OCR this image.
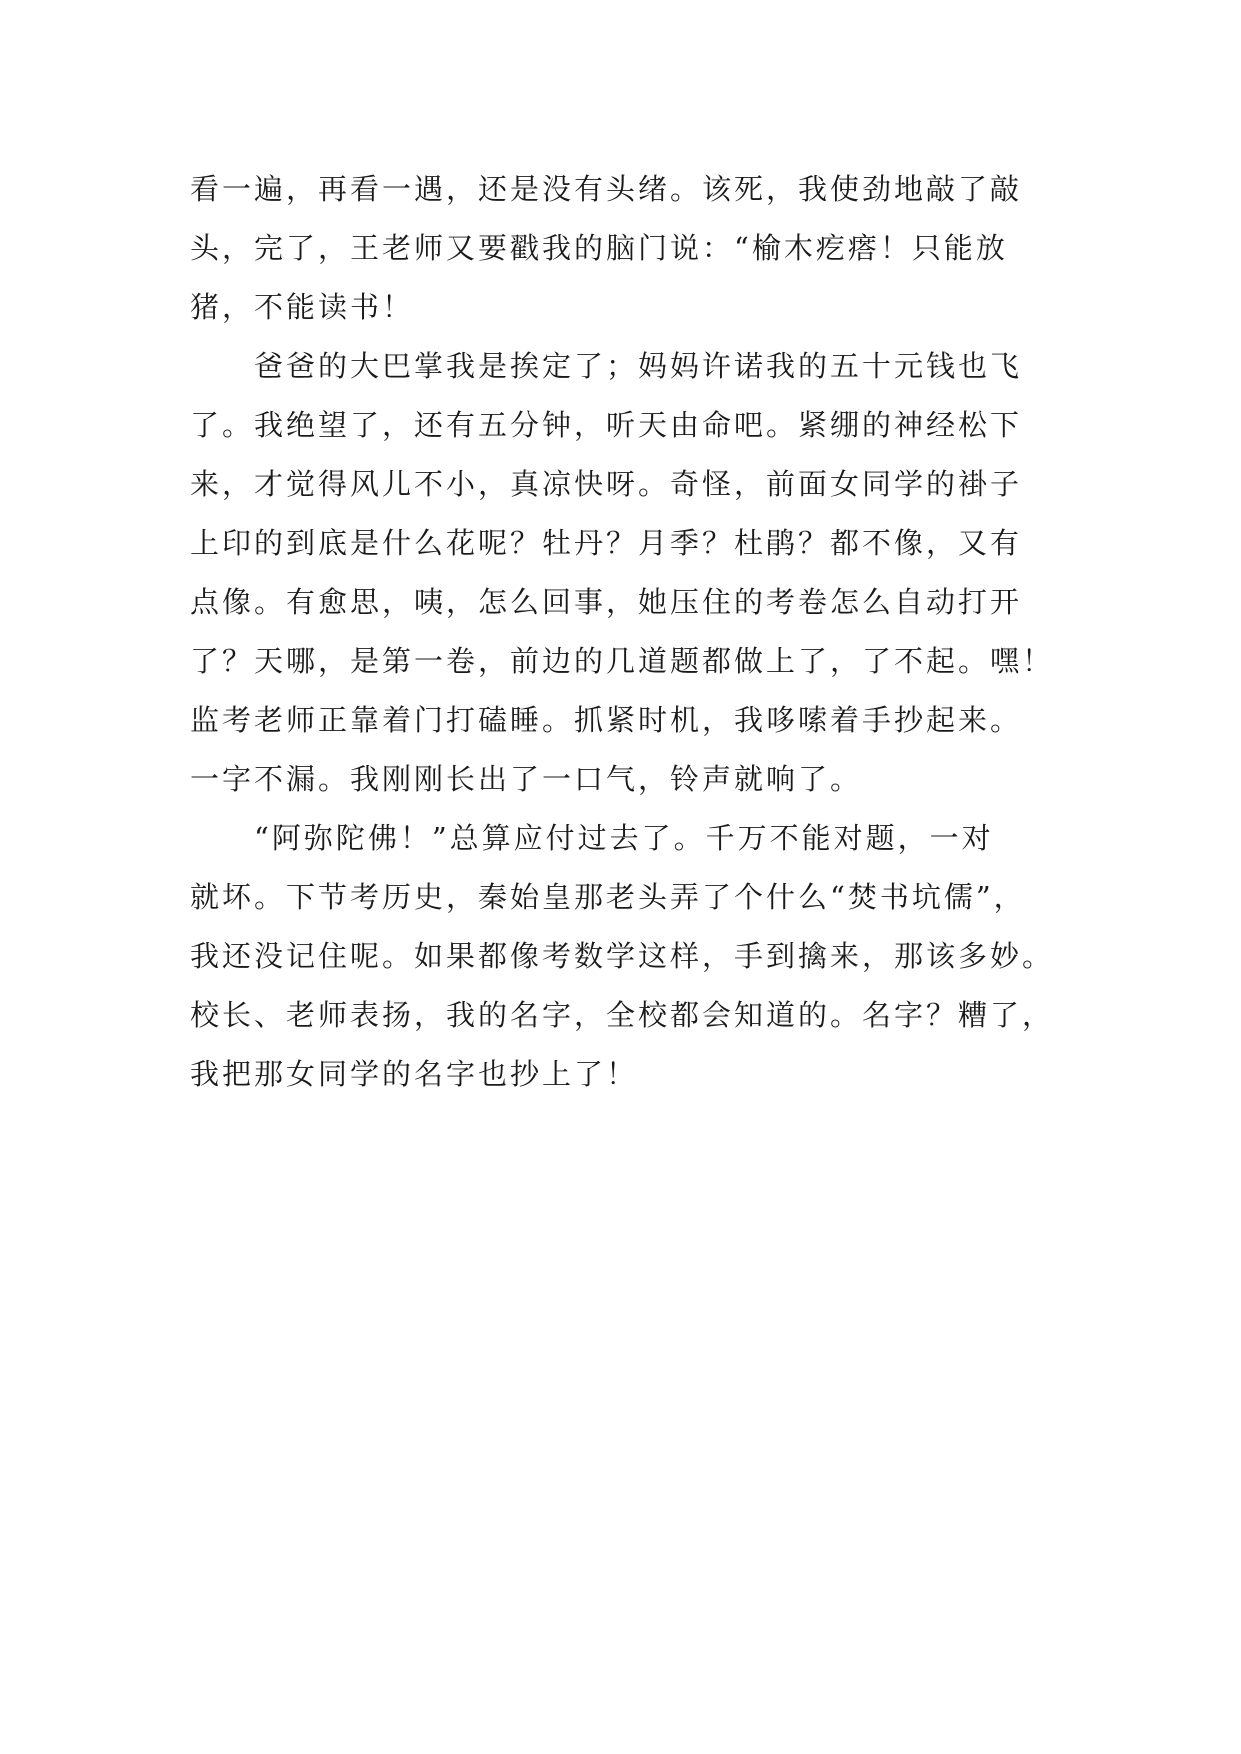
看一遍，再看一遇，还是没有头绪。该死，我使劲地敲了敲
头，完了，王老师又要戳我的脑门说：“榆木疙瘩！只能放
猪，不能读书！
爸爸的大巴掌我是挨定了；妈妈许诺我的五十元钱也飞
了。我绝望了，还有五分钟，听天由命吧。紧绷的神经松下
来，才觉得风儿不小，真凉快呀。奇怪，前面女同学的褂子
上印的到底是什么花呢？牡丹？月季？杜鹃？都不像，又有
点像。有愈思，咦，怎么回事，她压住的考卷怎么自动打开
了？天哪，是第一卷，前边的几道题都做上了，了不起。嘿！
监考老师正靠着门打磕睡。抓紧时机，我哆嗦着手抄起来。
一字不漏。我刚刚长出了一口气，铃声就响了。
“阿弥陀佛！”总算应付过去了。千万不能对题，一对
就坏。下节考历史，秦始皇那老头弄了个什么“焚书坑儒”，
我还没记住呢。如果都像考数学这样，手到擒来，那该多妙。
校长、老师表扬，我的名字，全校都会知道的。名字？糟了，
我把那女同学的名字也抄上了！
